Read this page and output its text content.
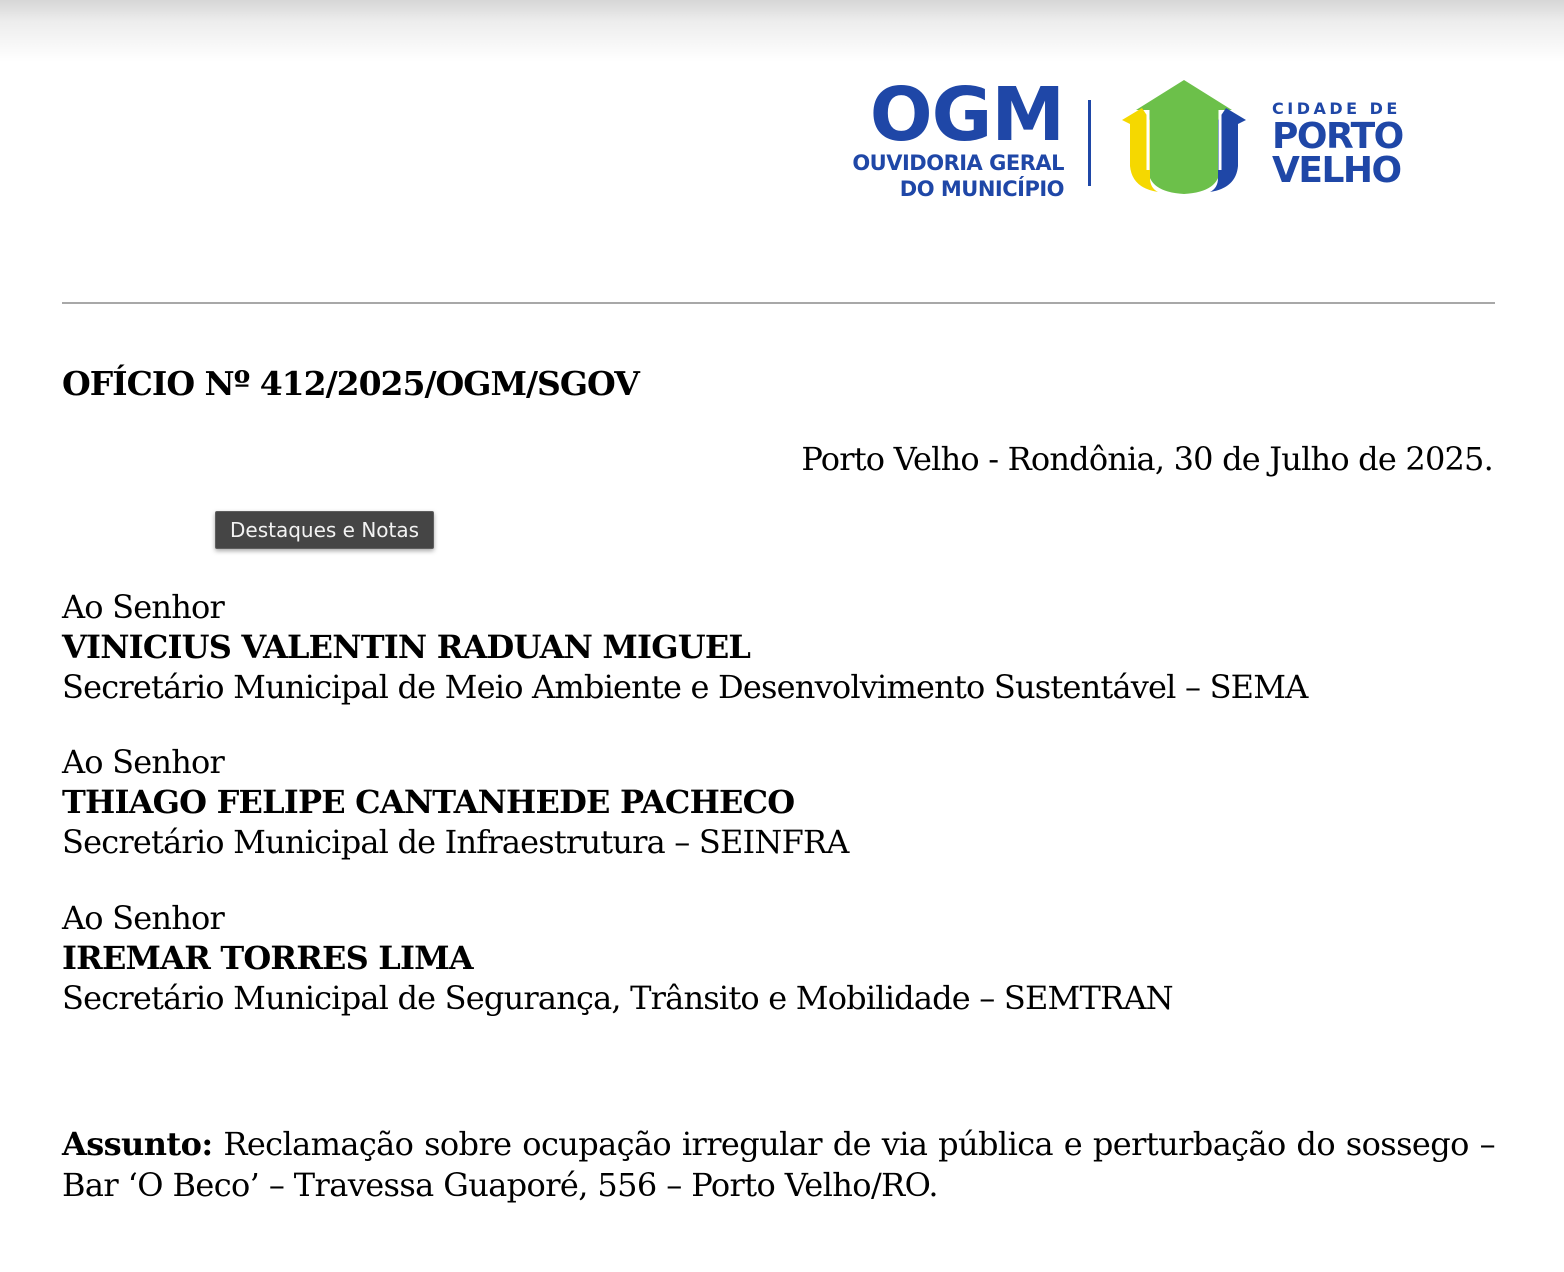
OGM
OUVIDORIA GERAL
DO MUNICÍPIO
CIDADE DE
PORTO
VELHO
OFÍCIO Nº 412/2025/OGM/SGOV
Porto Velho - Rondônia, 30 de Julho de 2025.
Destaques e Notas
Ao Senhor
VINICIUS VALENTIN RADUAN MIGUEL
Secretário Municipal de Meio Ambiente e Desenvolvimento Sustentável – SEMA
Ao Senhor
THIAGO FELIPE CANTANHEDE PACHECO
Secretário Municipal de Infraestrutura – SEINFRA
Ao Senhor
IREMAR TORRES LIMA
Secretário Municipal de Segurança, Trânsito e Mobilidade – SEMTRAN
Assunto: Reclamação sobre ocupação irregular de via pública e perturbação do sossego – Bar ‘O Beco’ – Travessa Guaporé, 556 – Porto Velho/RO.
